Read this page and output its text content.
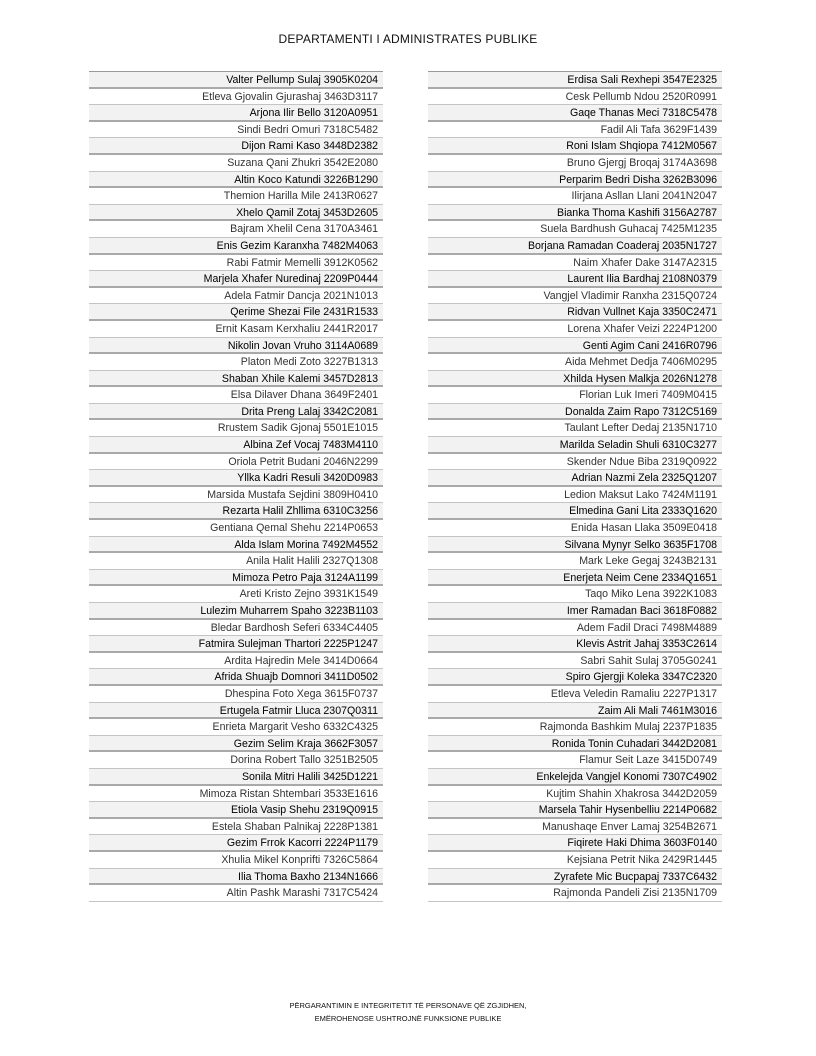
DEPARTAMENTI I ADMINISTRATES PUBLIKE
Valter Pellump Sulaj 3905K0204
Etleva Gjovalin Gjurashaj 3463D3117
Arjona Ilir Bello 3120A0951
Sindi Bedri Omuri 7318C5482
Dijon Rami Kaso 3448D2382
Suzana Qani Zhukri 3542E2080
Altin Koco Katundi 3226B1290
Themion Harilla Mile 2413R0627
Xhelo Qamil Zotaj 3453D2605
Bajram Xhelil Cena 3170A3461
Enis Gezim Karanxha 7482M4063
Rabi Fatmir Memelli 3912K0562
Marjela Xhafer Nuredinaj 2209P0444
Adela Fatmir Dancja 2021N1013
Qerime Shezai File 2431R1533
Ernit Kasam Kerxhaliu 2441R2017
Nikolin Jovan Vruho 3114A0689
Platon Medi Zoto 3227B1313
Shaban Xhile Kalemi 3457D2813
Elsa Dilaver Dhana 3649F2401
Drita Preng Lalaj 3342C2081
Rrustem Sadik Gjonaj 5501E1015
Albina Zef Vocaj 7483M4110
Oriola Petrit Budani 2046N2299
Yllka Kadri Resuli 3420D0983
Marsida Mustafa Sejdini 3809H0410
Rezarta Halil Zhllima 6310C3256
Gentiana Qemal Shehu 2214P0653
Alda Islam Morina 7492M4552
Anila Halit Halili 2327Q1308
Mimoza Petro Paja 3124A1199
Areti Kristo Zejno 3931K1549
Lulezim Muharrem Spaho 3223B1103
Bledar Bardhosh Seferi 6334C4405
Fatmira Sulejman Thartori 2225P1247
Ardita Hajredin Mele 3414D0664
Afrida Shuajb Domnori 3411D0502
Dhespina Foto Xega 3615F0737
Ertugela Fatmir Lluca 2307Q0311
Enrieta Margarit Vesho 6332C4325
Gezim Selim Kraja 3662F3057
Dorina Robert Tallo 3251B2505
Sonila Mitri Halili 3425D1221
Mimoza Ristan Shtembari 3533E1616
Etiola Vasip Shehu 2319Q0915
Estela Shaban Palnikaj 2228P1381
Gezim Frrok Kacorri 2224P1179
Xhulia Mikel Konprifti 7326C5864
Ilia Thoma Baxho 2134N1666
Altin Pashk Marashi 7317C5424
Erdisa Sali Rexhepi 3547E2325
Cesk Pellumb Ndou 2520R0991
Gaqe Thanas Meci 7318C5478
Fadil Ali Tafa 3629F1439
Roni Islam Shqiopa 7412M0567
Bruno Gjergj Broqaj 3174A3698
Perparim Bedri Disha 3262B3096
Ilirjana Asllan Llani 2041N2047
Bianka Thoma Kashifi 3156A2787
Suela Bardhush Guhacaj 7425M1235
Borjana Ramadan Coaderaj 2035N1727
Naim Xhafer Dake 3147A2315
Laurent Ilia Bardhaj 2108N0379
Vangjel Vladimir Ranxha 2315Q0724
Ridvan Vullnet Kaja 3350C2471
Lorena Xhafer Veizi 2224P1200
Genti Agim Cani 2416R0796
Aida Mehmet Dedja 7406M0295
Xhilda Hysen Malkja 2026N1278
Florian Luk Imeri 7409M0415
Donalda Zaim Rapo 7312C5169
Taulant Lefter Dedaj 2135N1710
Marilda Seladin Shuli 6310C3277
Skender Ndue Biba 2319Q0922
Adrian Nazmi Zela 2325Q1207
Ledion Maksut Lako 7424M1191
Elmedina Gani Lita 2333Q1620
Enida Hasan Llaka 3509E0418
Silvana Mynyr Selko 3635F1708
Mark Leke Gegaj 3243B2131
Enerjeta Neim Cene 2334Q1651
Taqo Miko Lena 3922K1083
Imer Ramadan Baci 3618F0882
Adem Fadil Draci 7498M4889
Klevis Astrit Jahaj 3353C2614
Sabri Sahit Sulaj 3705G0241
Spiro Gjergji Koleka 3347C2320
Etleva Veledin Ramaliu 2227P1317
Zaim Ali Mali 7461M3016
Rajmonda Bashkim Mulaj 2237P1835
Ronida Tonin Cuhadari 3442D2081
Flamur Seit Laze 3415D0749
Enkelejda Vangjel Konomi 7307C4902
Kujtim Shahin Xhakrosa 3442D2059
Marsela Tahir Hysenbelliu 2214P0682
Manushaqe Enver Lamaj 3254B2671
Fiqirete Haki Dhima 3603F0140
Kejsiana Petrit Nika 2429R1445
Zyrafete Mic Bucpapaj 7337C6432
Rajmonda Pandeli Zisi 2135N1709
PËRGARANTIMIN E INTEGRITETIT TË PERSONAVE QË ZGJIDHEN,
EMËROHENOSE USHTROJNË FUNKSIONE PUBLIKE
